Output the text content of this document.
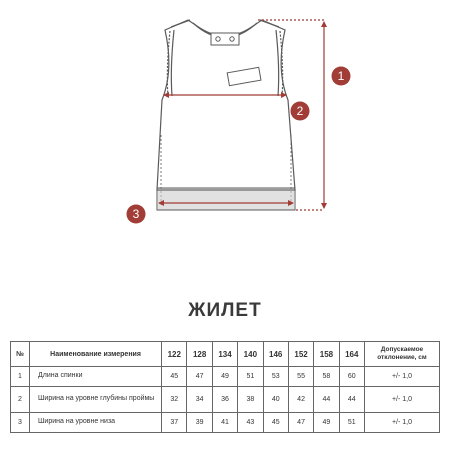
1
2
3
ЖИЛЕТ
№	Наименование измерения	122	128	134	140	146	152	158	164	Допускаемое отклонение, см
1	Длина спинки	45	47	49	51	53	55	58	60	+/- 1,0
2	Ширина на уровне глубины проймы	32	34	36	38	40	42	44	44	+/- 1,0
3	Ширина на уровне низа	37	39	41	43	45	47	49	51	+/- 1,0
